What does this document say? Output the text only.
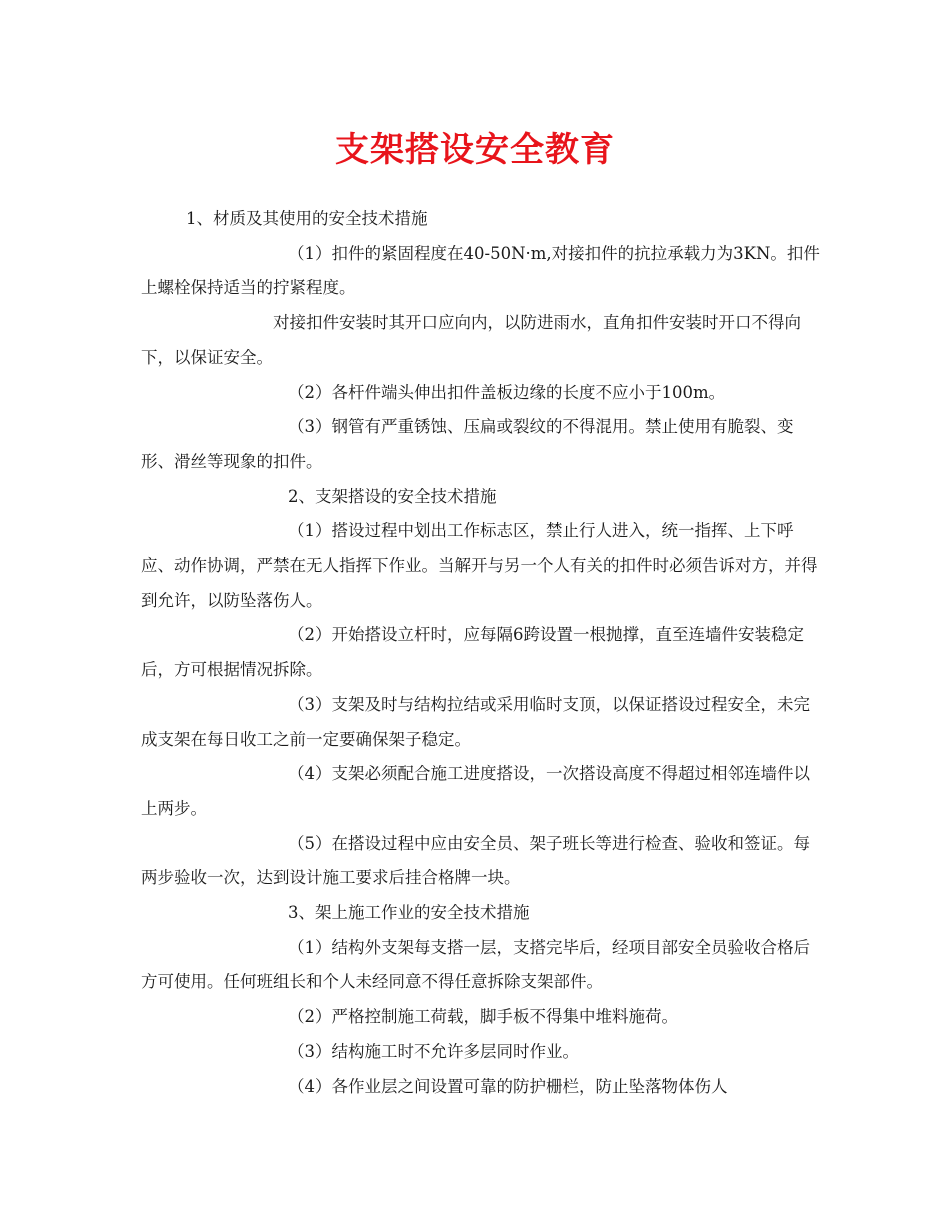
支架搭设安全教育

1、材质及其使用的安全技术措施

（1）扣件的紧固程度在40-50N·m,对接扣件的抗拉承载力为3KN。扣件上螺栓保持适当的拧紧程度。

对接扣件安装时其开口应向内，以防进雨水，直角扣件安装时开口不得向下，以保证安全。

（2）各杆件端头伸出扣件盖板边缘的长度不应小于100m。

（3）钢管有严重锈蚀、压扁或裂纹的不得混用。禁止使用有脆裂、变形、滑丝等现象的扣件。

2、支架搭设的安全技术措施

（1）搭设过程中划出工作标志区，禁止行人进入，统一指挥、上下呼应、动作协调，严禁在无人指挥下作业。当解开与另一个人有关的扣件时必须告诉对方，并得到允许，以防坠落伤人。

（2）开始搭设立杆时，应每隔6跨设置一根抛撑，直至连墙件安装稳定后，方可根据情况拆除。

（3）支架及时与结构拉结或采用临时支顶，以保证搭设过程安全，未完成支架在每日收工之前一定要确保架子稳定。

（4）支架必须配合施工进度搭设，一次搭设高度不得超过相邻连墙件以上两步。

（5）在搭设过程中应由安全员、架子班长等进行检查、验收和签证。每两步验收一次，达到设计施工要求后挂合格牌一块。

3、架上施工作业的安全技术措施

（1）结构外支架每支搭一层，支搭完毕后，经项目部安全员验收合格后方可使用。任何班组长和个人未经同意不得任意拆除支架部件。

（2）严格控制施工荷载，脚手板不得集中堆料施荷。

（3）结构施工时不允许多层同时作业。

（4）各作业层之间设置可靠的防护栅栏，防止坠落物体伤人
